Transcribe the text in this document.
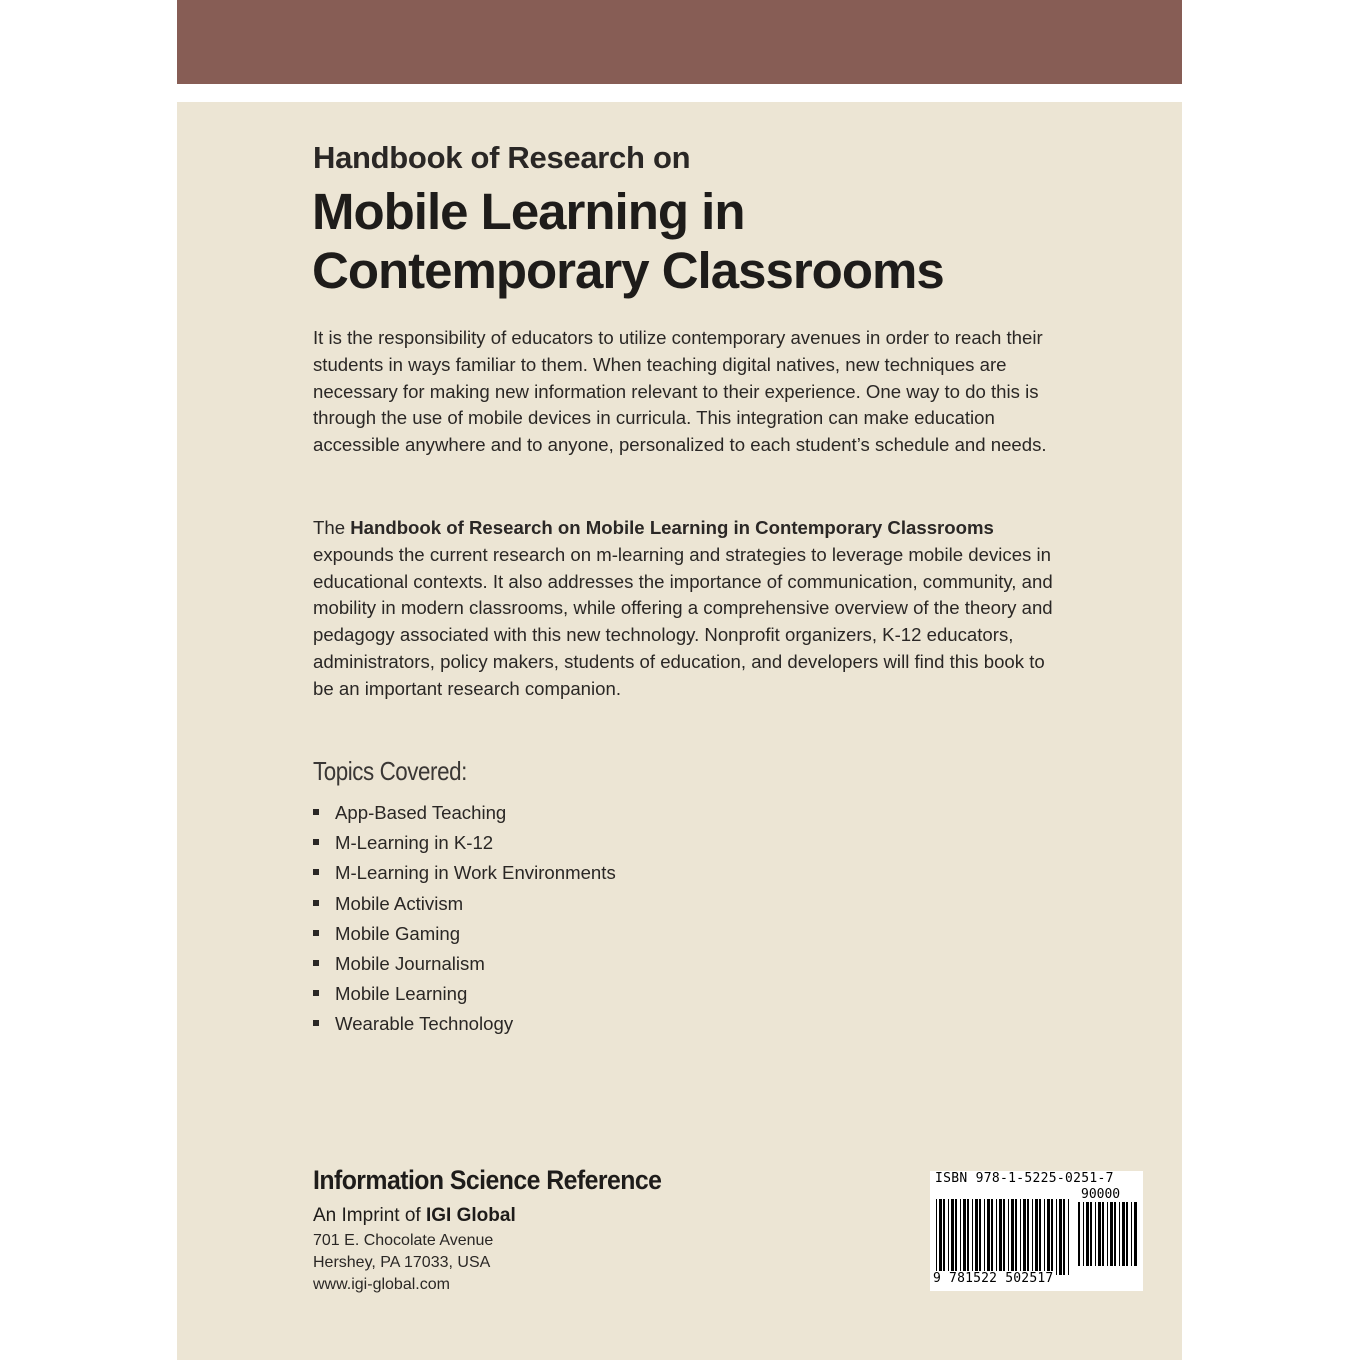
Handbook of Research on
Mobile Learning in
Contemporary Classrooms

It is the responsibility of educators to utilize contemporary avenues in order to reach their students in ways familiar to them. When teaching digital natives, new techniques are necessary for making new information relevant to their experience. One way to do this is through the use of mobile devices in curricula. This integration can make education accessible anywhere and to anyone, personalized to each student’s schedule and needs.

The Handbook of Research on Mobile Learning in Contemporary Classrooms expounds the current research on m-learning and strategies to leverage mobile devices in educational contexts. It also addresses the importance of communication, community, and mobility in modern classrooms, while offering a comprehensive overview of the theory and pedagogy associated with this new technology. Nonprofit organizers, K-12 educators, administrators, policy makers, students of education, and developers will find this book to be an important research companion.

Topics Covered:
App-Based Teaching
M-Learning in K-12
M-Learning in Work Environments
Mobile Activism
Mobile Gaming
Mobile Journalism
Mobile Learning
Wearable Technology
Information Science Reference
An Imprint of IGI Global
701 E. Chocolate Avenue
Hershey, PA 17033, USA
www.igi-global.com
ISBN 978-1-5225-0251-7
90000
9 781522 502517
